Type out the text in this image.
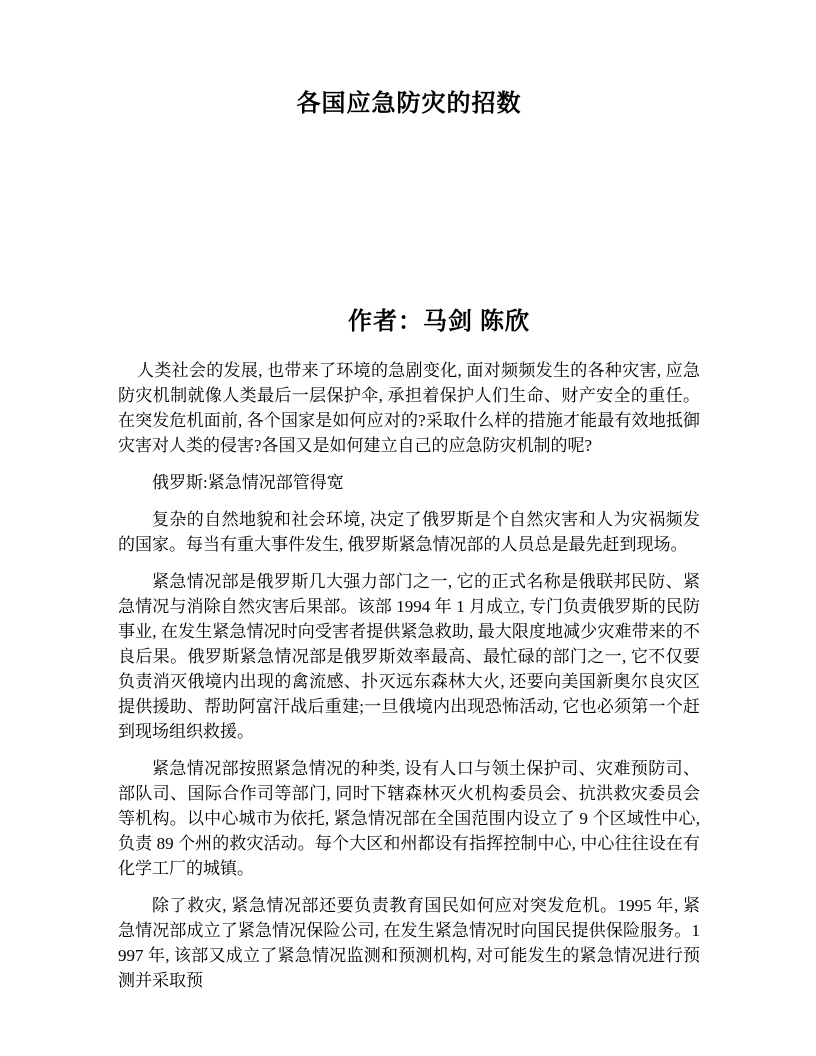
各国应急防灾的招数
作者：马剑 陈欣

人类社会的发展, 也带来了环境的急剧变化, 面对频频发生的各种灾害, 应急防灾机制就像人类最后一层保护伞, 承担着保护人们生命、财产安全的重任。在突发危机面前, 各个国家是如何应对的?采取什么样的措施才能最有效地抵御灾害对人类的侵害?各国又是如何建立自己的应急防灾机制的呢?

俄罗斯:紧急情况部管得宽

复杂的自然地貌和社会环境, 决定了俄罗斯是个自然灾害和人为灾祸频发的国家。每当有重大事件发生, 俄罗斯紧急情况部的人员总是最先赶到现场。

紧急情况部是俄罗斯几大强力部门之一, 它的正式名称是俄联邦民防、紧急情况与消除自然灾害后果部。该部 1994 年 1 月成立, 专门负责俄罗斯的民防事业, 在发生紧急情况时向受害者提供紧急救助, 最大限度地减少灾难带来的不良后果。俄罗斯紧急情况部是俄罗斯效率最高、最忙碌的部门之一, 它不仅要负责消灭俄境内出现的禽流感、扑灭远东森林大火, 还要向美国新奥尔良灾区提供援助、帮助阿富汗战后重建;一旦俄境内出现恐怖活动, 它也必须第一个赶到现场组织救援。

紧急情况部按照紧急情况的种类, 设有人口与领土保护司、灾难预防司、部队司、国际合作司等部门, 同时下辖森林灭火机构委员会、抗洪救灾委员会等机构。以中心城市为依托, 紧急情况部在全国范围内设立了 9 个区域性中心, 负责 89 个州的救灾活动。每个大区和州都设有指挥控制中心, 中心往往设在有化学工厂的城镇。

除了救灾, 紧急情况部还要负责教育国民如何应对突发危机。1995 年, 紧急情况部成立了紧急情况保险公司, 在发生紧急情况时向国民提供保险服务。1997 年, 该部又成立了紧急情况监测和预测机构, 对可能发生的紧急情况进行预测并采取预
